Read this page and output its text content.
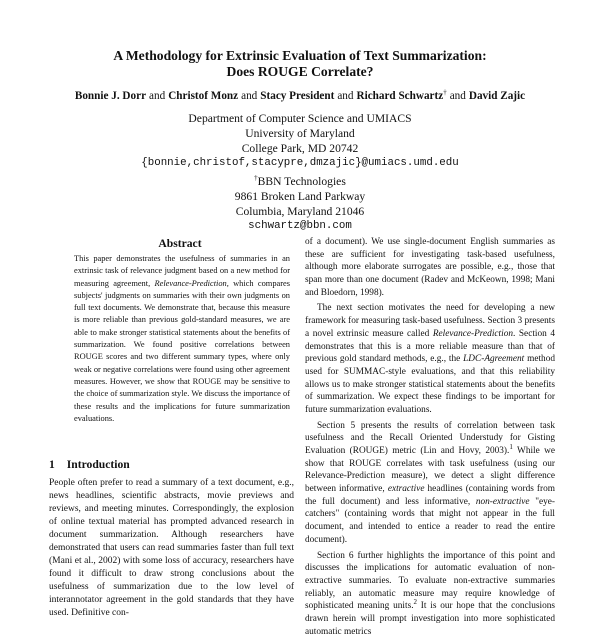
A Methodology for Extrinsic Evaluation of Text Summarization:
Does ROUGE Correlate?
Bonnie J. Dorr and Christof Monz and Stacy President and Richard Schwartz† and David Zajic
Department of Computer Science and UMIACS
University of Maryland
College Park, MD 20742
{bonnie,christof,stacypre,dmzajic}@umiacs.umd.edu
†BBN Technologies
9861 Broken Land Parkway
Columbia, Maryland 21046
schwartz@bbn.com
Abstract
This paper demonstrates the usefulness of summaries in an extrinsic task of relevance judgment based on a new method for measuring agreement, Relevance-Prediction, which compares subjects' judgments on summaries with their own judgments on full text documents. We demonstrate that, because this measure is more reliable than previous gold-standard measures, we are able to make stronger statistical statements about the benefits of summarization. We found positive correlations between ROUGE scores and two different summary types, where only weak or negative correlations were found using other agreement measures. However, we show that ROUGE may be sensitive to the choice of summarization style. We discuss the importance of these results and the implications for future summarization evaluations.
1 Introduction

People often prefer to read a summary of a text document, e.g., news headlines, scientific abstracts, movie previews and reviews, and meeting minutes. Correspondingly, the explosion of online textual material has prompted advanced research in document summarization. Although researchers have demonstrated that users can read summaries faster than full text (Mani et al., 2002) with some loss of accuracy, researchers have found it difficult to draw strong conclusions about the usefulness of summarization due to the low level of interannotator agreement in the gold standards that they have used. Definitive con-

of a document). We use single-document English summaries as these are sufficient for investigating task-based usefulness, although more elaborate surrogates are possible, e.g., those that span more than one document (Radev and McKeown, 1998; Mani and Bloedorn, 1998).

The next section motivates the need for developing a new framework for measuring task-based usefulness. Section 3 presents a novel extrinsic measure called Relevance-Prediction. Section 4 demonstrates that this is a more reliable measure than that of previous gold standard methods, e.g., the LDC-Agreement method used for SUMMAC-style evaluations, and that this reliability allows us to make stronger statistical statements about the benefits of summarization. We expect these findings to be important for future summarization evaluations.

Section 5 presents the results of correlation between task usefulness and the Recall Oriented Understudy for Gisting Evaluation (ROUGE) metric (Lin and Hovy, 2003).$^1$ While we show that ROUGE correlates with task usefulness (using our Relevance-Prediction measure), we detect a slight difference between informative, extractive headlines (containing words from the full document) and less informative, non-extractive "eye-catchers" (containing words that might not appear in the full document, and intended to entice a reader to read the entire document).

Section 6 further highlights the importance of this point and discusses the implications for automatic evaluation of non-extractive summaries. To evaluate non-extractive summaries reliably, an automatic measure may require knowledge of sophisticated meaning units.$^2$ It is our hope that the conclusions drawn herein will prompt investigation into more sophisticated automatic metrics
